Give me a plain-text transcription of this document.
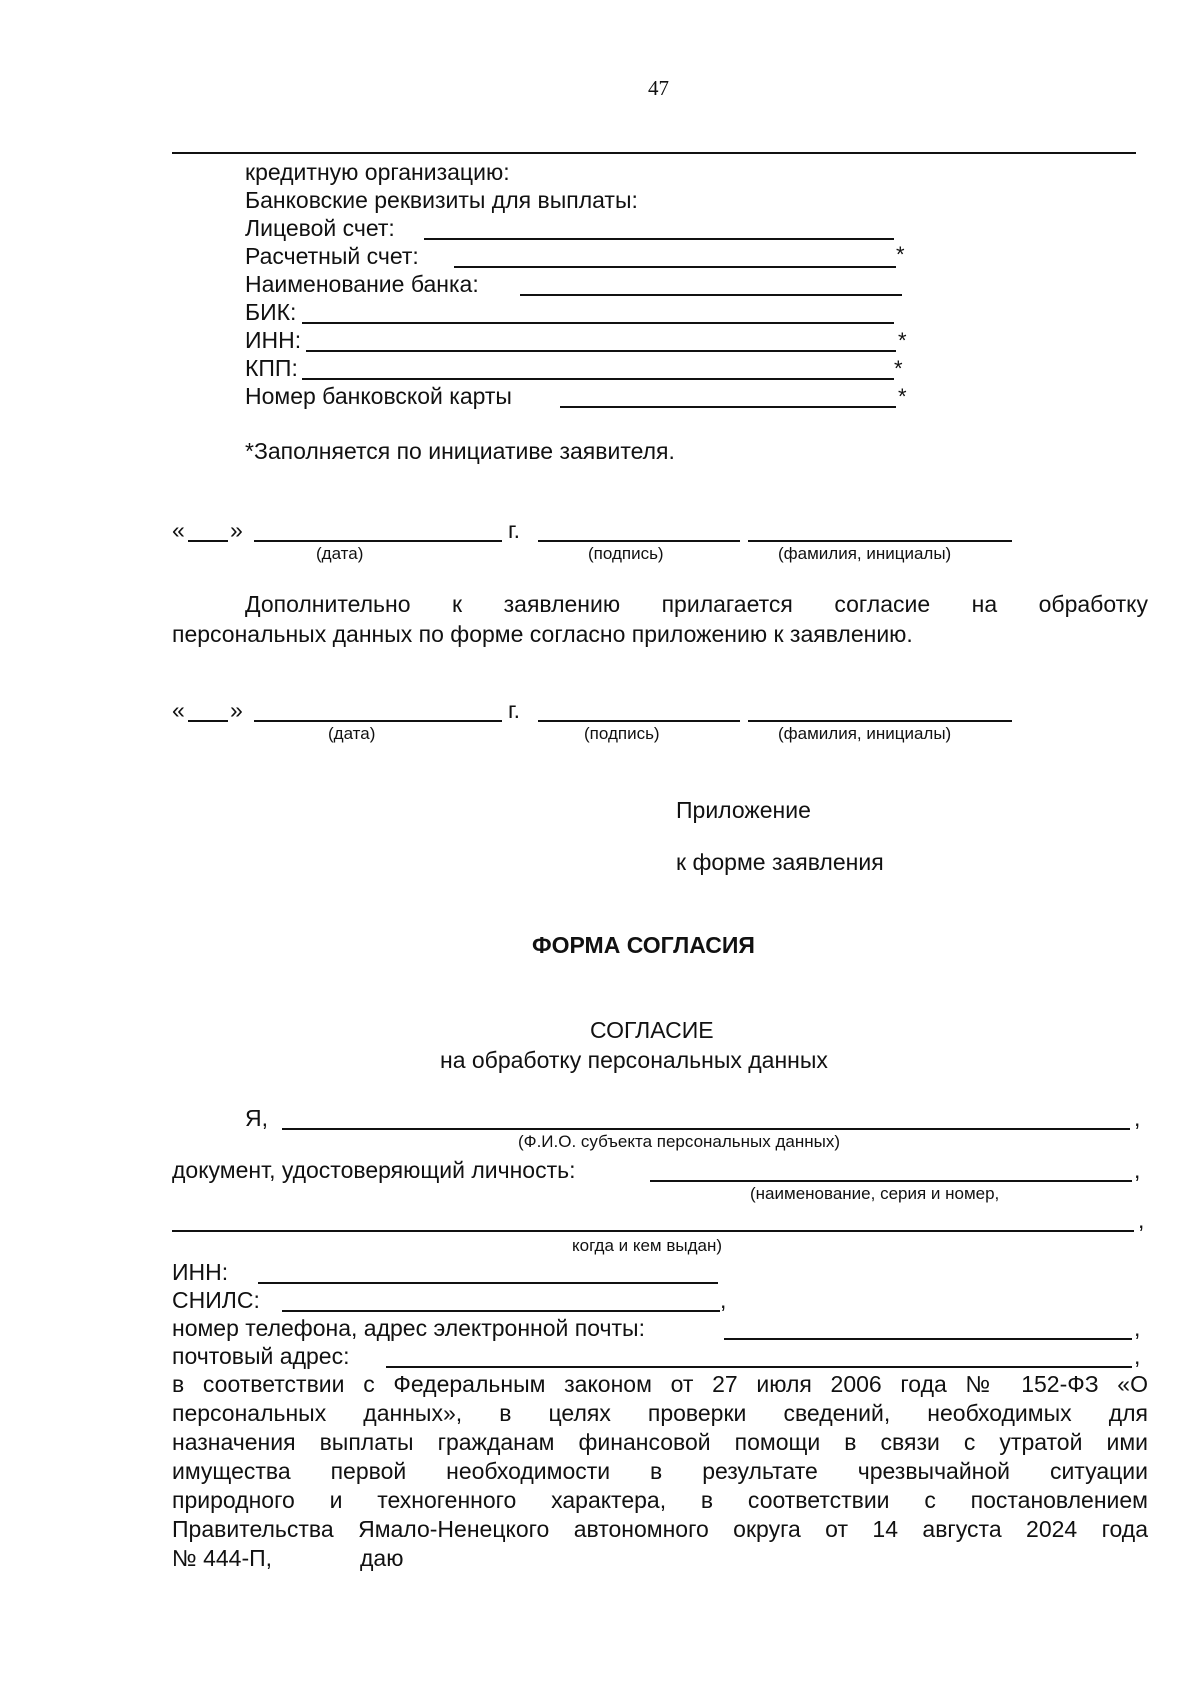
47
кредитную организацию:
Банковские реквизиты для выплаты:
Лицевой счет:
Расчетный счет:	*
Наименование банка:
БИК:
ИНН:	*
КПП:	*
Номер банковской карты	*
*Заполняется по инициативе заявителя.
« »	г.
(дата)	(подпись)	(фамилия, инициалы)
Дополнительно к заявлению прилагается согласие на обработку
персональных данных по форме согласно приложению к заявлению.
« »	г.
(дата)	(подпись)	(фамилия, инициалы)
Приложение
к форме заявления
ФОРМА СОГЛАСИЯ
СОГЛАСИЕ
на обработку персональных данных
Я,	,
(Ф.И.О. субъекта персональных данных)
документ, удостоверяющий личность:	,
(наименование, серия и номер,
,
когда и кем выдан)
ИНН:
СНИЛС:	,
номер телефона, адрес электронной почты:	,
почтовый адрес:	,
в соответствии с Федеральным законом от 27 июля 2006 года № 152-ФЗ «О
персональных данных», в целях проверки сведений, необходимых для
назначения выплаты гражданам финансовой помощи в связи с утратой ими
имущества первой необходимости в результате чрезвычайной ситуации
природного и техногенного характера, в соответствии с постановлением
Правительства Ямало-Ненецкого автономного округа от 14 августа 2024 года
№ 444-П,	даю
